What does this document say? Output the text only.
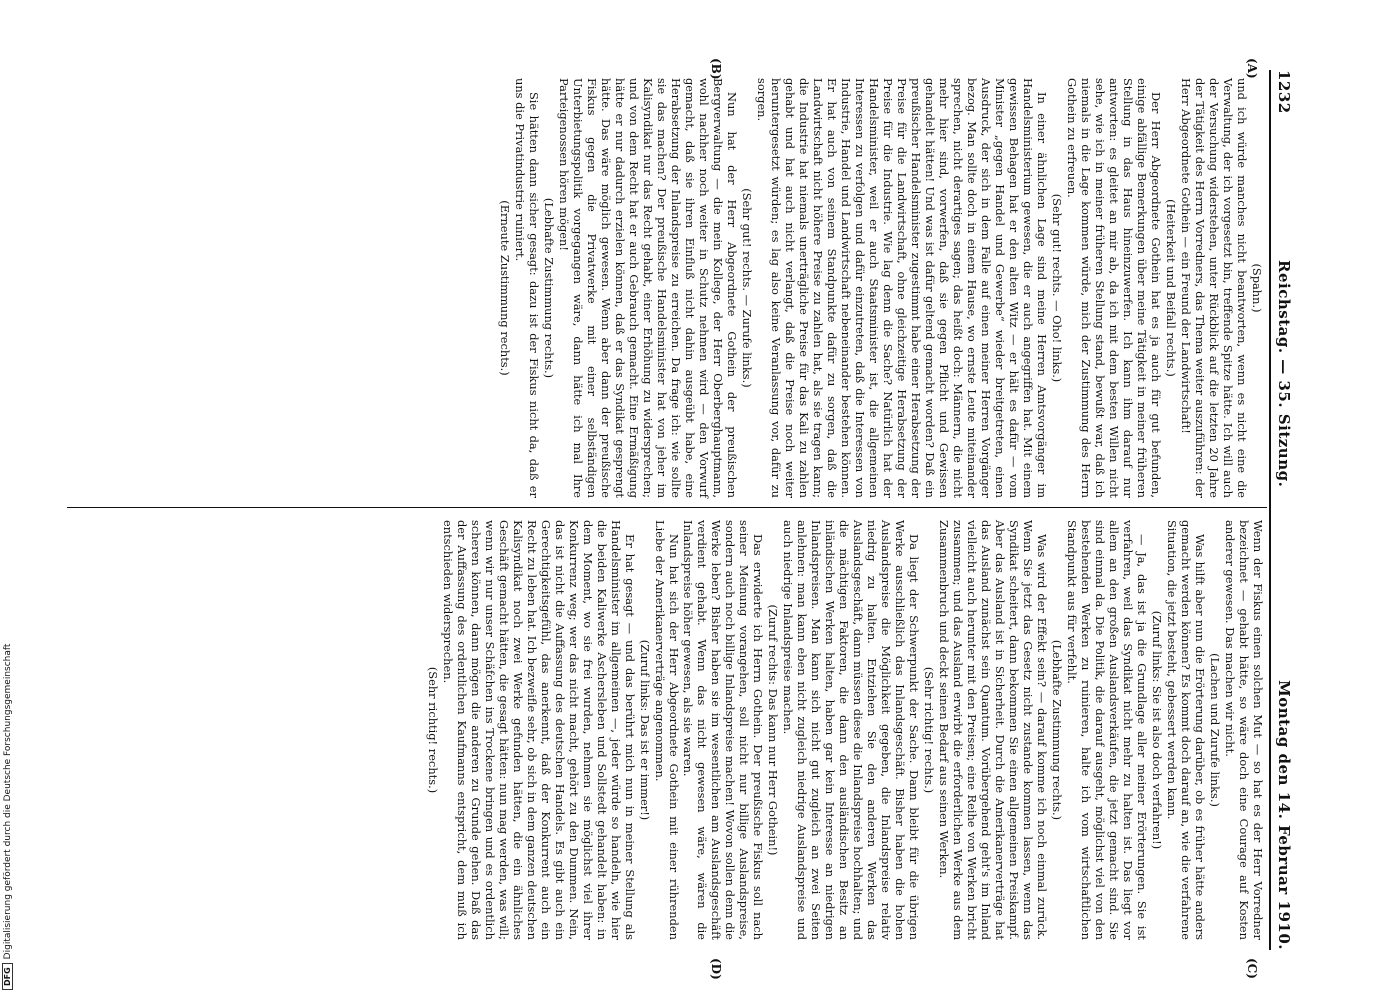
1232
Reichstag. — 35. Sitzung.
Montag den 14. Februar 1910.
(A)
(B)
(C)
(D)

(Spahn.)

und ich würde manches nicht beantworten, wenn es nicht eine die Verwaltung, der ich vorgesetzt bin, treffende Spitze hätte. Ich will auch der Versuchung widerstehen, unter Rückblick auf die letzten 20 Jahre der Tätigkeit des Herrn Vorredners, das Thema weiter auszuführen: der Herr Abgeordnete Gothein — ein Freund der Landwirtschaft!

(Heiterkeit und Beifall rechts.)

Der Herr Abgeordnete Gothein hat es ja auch für gut befunden, einige abfällige Bemerkungen über meine Tätigkeit in meiner früheren Stellung in das Haus hineinzuwerfen. Ich kann ihm darauf nur antworten: es gleitet an mir ab, da ich mit dem besten Willen nicht sehe, wie ich in meiner früheren Stellung stand, bewußt war, daß ich niemals in die Lage kommen würde, mich der Zustimmung des Herrn Gothein zu erfreuen.

(Sehr gut! rechts. — Oho! links.)

In einer ähnlichen Lage sind meine Herren Amtsvorgänger im Handelsministerium gewesen, die er auch angegriffen hat. Mit einem gewissen Behagen hat er den alten Witz — er hält es dafür — vom Minister „gegen Handel und Gewerbe“ wieder breitgetreten, einen Ausdruck, der sich in dem Falle auf einen meiner Herren Vorgänger bezog. Man sollte doch in einem Hause, wo ernste Leute miteinander sprechen, nicht derartiges sagen; das heißt doch: Männern, die nicht mehr hier sind, vorwerfen, daß sie gegen Pflicht und Gewissen gehandelt hätten! Und was ist dafür geltend gemacht worden? Daß ein preußischer Handelsminister zugestimmt habe einer Herabsetzung der Preise für die Landwirtschaft, ohne gleichzeitige Herabsetzung der Preise für die Industrie. Wie lag denn die Sache? Natürlich hat der Handelsminister, weil er auch Staatsminister ist, die allgemeinen Interessen zu verfolgen und dafür einzutreten, daß die Interessen von Industrie, Handel und Landwirtschaft nebeneinander bestehen können. Er hat auch von seinem Standpunkte dafür zu sorgen, daß die Landwirtschaft nicht höhere Preise zu zahlen hat, als sie tragen kann; die Industrie hat niemals unerträgliche Preise für das Kali zu zahlen gehabt und hat auch nicht verlangt, daß die Preise noch weiter heruntergesetzt würden; es lag also keine Veranlassung vor, dafür zu sorgen.

(Sehr gut! rechts. — Zurufe links.)

Nun hat der Herr Abgeordnete Gothein der preußischen Bergverwaltung — die mein Kollege, der Herr Oberberghauptmann, wohl nachher noch weiter in Schutz nehmen wird — den Vorwurf gemacht, daß sie ihren Einfluß nicht dahin ausgeübt habe, eine Herabsetzung der Inlandspreise zu erreichen. Da frage ich: wie sollte sie das machen? Der preußische Handelsminister hat von jeher im Kalisyndikat nur das Recht gehabt, einer Erhöhung zu widersprechen; und von dem Recht hat er auch Gebrauch gemacht. Eine Ermäßigung hätte er nur dadurch erzielen können, daß er das Syndikat gesprengt hätte. Das wäre möglich gewesen. Wenn aber dann der preußische Fiskus gegen die Privatwerke mit einer selbständigen Unterbietungspolitik vorgegangen wäre, dann hätte ich mal Ihre Parteigenossen hören mögen!

(Lebhafte Zustimmung rechts.)

Sie hätten dann sicher gesagt: dazu ist der Fiskus nicht da, daß er uns die Privatindustrie ruiniert.

(Erneute Zustimmung rechts.)

Wenn der Fiskus einen solchen Mut — so hat es der Herr Vorredner bezeichnet — gehabt hätte, so wäre doch eine Courage auf Kosten anderer gewesen. Das machen wir nicht.

(Lachen und Zurufe links.)

Was hilft aber nun die Erörterung darüber, ob es früher hätte anders gemacht werden können? Es kommt doch darauf an, wie die verfahrene Situation, die jetzt besteht, gebessert werden kann.

(Zuruf links: Sie ist also doch verfahren!)

— Ja, das ist ja die Grundlage aller meiner Erörterungen. Sie ist verfahren, weil das Syndikat nicht mehr zu halten ist. Das liegt vor allem an den großen Auslandsverkäufen, die jetzt gemacht sind. Sie sind einmal da. Die Politik, die darauf ausgeht, möglichst viel von den bestehenden Werken zu ruinieren, halte ich vom wirtschaftlichen Standpunkt aus für verfehlt.

(Lebhafte Zustimmung rechts.)

Was wird der Effekt sein? — darauf komme ich noch einmal zurück. Wenn Sie jetzt das Gesetz nicht zustande kommen lassen, wenn das Syndikat scheitert, dann bekommen Sie einen allgemeinen Preiskampf. Aber das Ausland ist in Sicherheit. Durch die Amerikanerverträge hat das Ausland zunächst sein Quantum. Vorübergehend geht's im Inland vielleicht auch herunter mit den Preisen; eine Reihe von Werken bricht zusammen; und das Ausland erwirbt die erforderlichen Werke aus dem Zusammenbruch und deckt seinen Bedarf aus seinen Werken.

(Sehr richtig! rechts.)

Da liegt der Schwerpunkt der Sache. Dann bleibt für die übrigen Werke ausschließlich das Inlandsgeschäft. Bisher haben die hohen Auslandspreise die Möglichkeit gegeben, die Inlandspreise relativ niedrig zu halten. Entziehen Sie den anderen Werken das Auslandsgeschäft, dann müssen diese die Inlandspreise hochhalten; und die mächtigen Faktoren, die dann den ausländischen Besitz an inländischen Werken halten, haben gar kein Interesse an niedrigen Inlandspreisen. Man kann sich nicht gut zugleich an zwei Seiten anlehnen: man kann eben nicht zugleich niedrige Auslandspreise und auch niedrige Inlandspreise machen.

(Zuruf rechts: Das kann nur Herr Gothein!)

Das erwiderte ich Herrn Gothein. Der preußische Fiskus soll nach seiner Meinung vorangehen, soll nicht nur billige Auslandspreise, sondern auch noch billige Inlandspreise machen! Wovon sollen denn die Werke leben? Bisher haben sie im wesentlichen am Auslandsgeschäft verdient gehabt. Wenn das nicht gewesen wäre, wären die Inlandspreise höher gewesen, als sie waren.

Nun hat sich der Herr Abgeordnete Gothein mit einer rührenden Liebe der Amerikanerverträge angenommen.

(Zuruf links: Das ist er immer!)

Er hat gesagt — und das berührt mich nun in meiner Stellung als Handelsminister im allgemeinen —, jeder würde so handeln, wie hier die beiden Kaliwerke Aschersleben und Sollstedt gehandelt haben: in dem Moment, wo sie frei wurden, nehmen sie möglichst viel ihrer Konkurrenz weg; wer das nicht macht, gehört zu den Dummen. Nein, das ist nicht die Auffassung des deutschen Handels. Es gibt auch ein Gerechtigkeitsgefühl, das anerkennt, daß der Konkurrent auch ein Recht zu leben hat. Ich bezweifle sehr, ob sich in dem ganzen deutschen Kalisyndikat noch zwei Werke gefunden hätten, die ein ähnliches Geschäft gemacht hätten, die gesagt hätten: nun mag werden, was will; wenn wir nur unser Schäfchen ins Trockene bringen und es ordentlich scheren können, dann mögen die anderen zu Grunde gehen. Daß das der Auffassung des ordentlichen Kaufmanns entspricht, dem muß ich entschieden widersprechen.

(Sehr richtig! rechts.)

DFGDigitalisierung gefördert durch die Deutsche Forschungsgemeinschaft
